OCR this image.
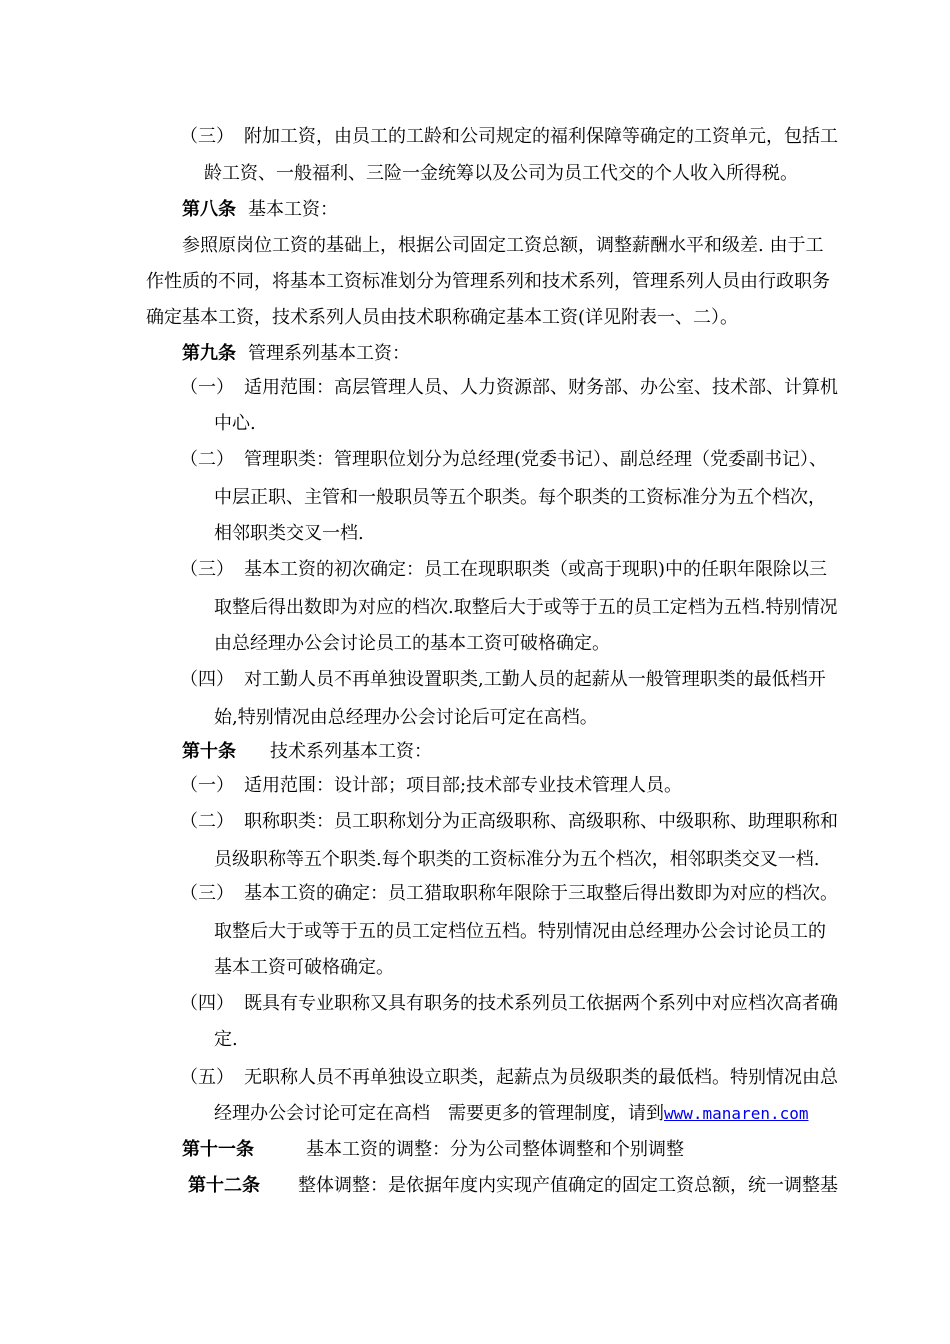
（三） 附加工资，由员工的工龄和公司规定的福利保障等确定的工资单元，包括工
龄工资、一般福利、三险一金统筹以及公司为员工代交的个人收入所得税。
第八条 基本工资：
参照原岗位工资的基础上，根据公司固定工资总额，调整薪酬水平和级差. 由于工
作性质的不同，将基本工资标准划分为管理系列和技术系列，管理系列人员由行政职务
确定基本工资，技术系列人员由技术职称确定基本工资(详见附表一、二）。
第九条 管理系列基本工资：
（一） 适用范围：高层管理人员、人力资源部、财务部、办公室、技术部、计算机
中心.
（二） 管理职类：管理职位划分为总经理(党委书记）、副总经理（党委副书记）、
中层正职、主管和一般职员等五个职类。每个职类的工资标准分为五个档次，
相邻职类交叉一档.
（三） 基本工资的初次确定：员工在现职职类（或高于现职)中的任职年限除以三
取整后得出数即为对应的档次.取整后大于或等于五的员工定档为五档.特别情况
由总经理办公会讨论员工的基本工资可破格确定。
（四） 对工勤人员不再单独设置职类,工勤人员的起薪从一般管理职类的最低档开
始,特别情况由总经理办公会讨论后可定在高档。
第十条 技术系列基本工资：
（一） 适用范围：设计部；项目部;技术部专业技术管理人员。
（二） 职称职类：员工职称划分为正高级职称、高级职称、中级职称、助理职称和
员级职称等五个职类.每个职类的工资标准分为五个档次，相邻职类交叉一档.
（三） 基本工资的确定：员工猎取职称年限除于三取整后得出数即为对应的档次。
取整后大于或等于五的员工定档位五档。特别情况由总经理办公会讨论员工的
基本工资可破格确定。
（四） 既具有专业职称又具有职务的技术系列员工依据两个系列中对应档次高者确
定.
（五） 无职称人员不再单独设立职类，起薪点为员级职类的最低档。特别情况由总
经理办公会讨论可定在高档　需要更多的管理制度，请到www.manaren.com
第十一条	基本工资的调整：分为公司整体调整和个别调整
第十二条 整体调整：是依据年度内实现产值确定的固定工资总额，统一调整基
